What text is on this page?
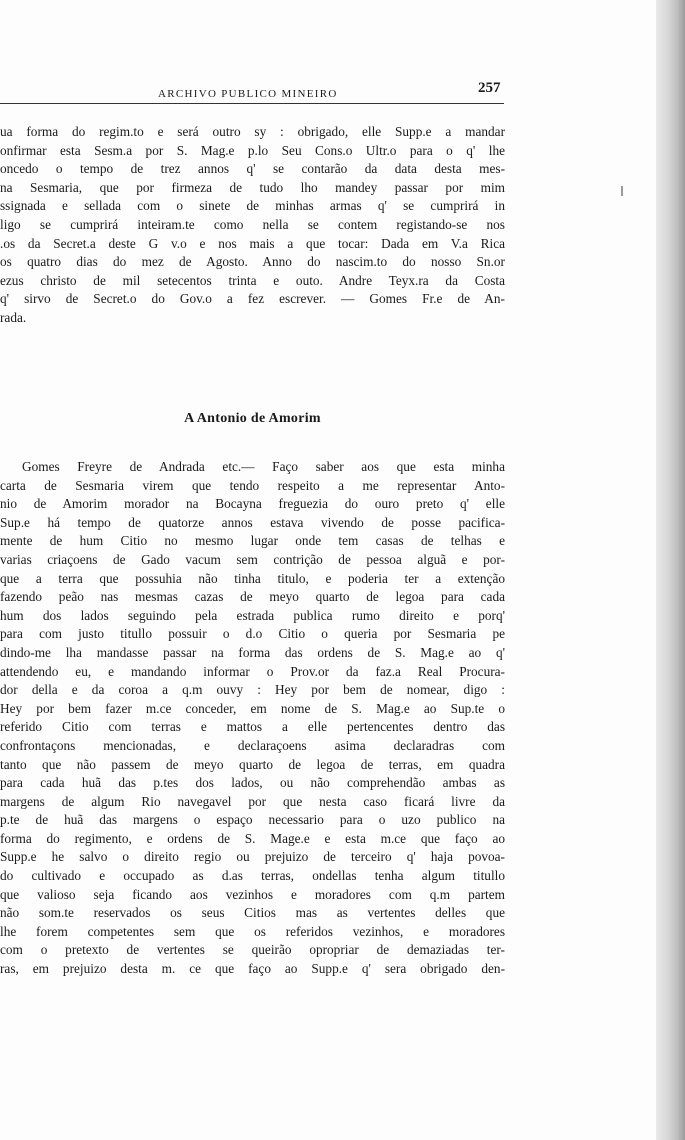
ARCHIVO PUBLICO MINEIRO	257
ua forma do regim.to e será outro sy : obrigado, elle Supp.e a mandar
onfirmar esta Sesm.a por S. Mag.e p.lo Seu Cons.o Ultr.o para o q' lhe
oncedo o tempo de trez annos q' se contarão da data desta mes-
na Sesmaria, que por firmeza de tudo lho mandey passar por mim
ssignada e sellada com o sinete de minhas armas q' se cumprirá in
ligo se cumprirá inteiram.te como nella se contem registando-se nos
.os da Secret.a deste G v.o e nos mais a que tocar: Dada em V.a Rica
os quatro dias do mez de Agosto. Anno do nascim.to do nosso Sn.or
ezus christo de mil setecentos trinta e outo. Andre Teyx.ra da Costa
q' sirvo de Secret.o do Gov.o a fez escrever. — Gomes Fr.e de An-
rada.
A Antonio de Amorim
Gomes Freyre de Andrada etc.— Faço saber aos que esta minha
carta de Sesmaria virem que tendo respeito a me representar Anto-
nio de Amorim morador na Bocayna freguezia do ouro preto q' elle
Sup.e há tempo de quatorze annos estava vivendo de posse pacifica-
mente de hum Citio no mesmo lugar onde tem casas de telhas e
varias criaçoens de Gado vacum sem contrição de pessoa alguã e por-
que a terra que possuhia não tinha titulo, e poderia ter a extenção
fazendo peão nas mesmas cazas de meyo quarto de legoa para cada
hum dos lados seguindo pela estrada publica rumo direito e porq'
para com justo titullo possuir o d.o Citio o queria por Sesmaria pe
dindo-me lha mandasse passar na forma das ordens de S. Mag.e ao q'
attendendo eu, e mandando informar o Prov.or da faz.a Real Procura-
dor della e da coroa a q.m ouvy : Hey por bem de nomear, digo :
Hey por bem fazer m.ce conceder, em nome de S. Mag.e ao Sup.te o
referido Citio com terras e mattos a elle pertencentes dentro das
confrontaçons mencionadas, e declaraçoens asima declaradras com
tanto que não passem de meyo quarto de legoa de terras, em quadra
para cada huã das p.tes dos lados, ou não comprehendão ambas as
margens de algum Rio navegavel por que nesta caso ficará livre da
p.te de huã das margens o espaço necessario para o uzo publico na
forma do regimento, e ordens de S. Mage.e e esta m.ce que faço ao
Supp.e he salvo o direito regio ou prejuizo de terceiro q' haja povoa-
do cultivado e occupado as d.as terras, ondellas tenha algum titullo
que valioso seja ficando aos vezinhos e moradores com q.m partem
não som.te reservados os seus Citios mas as vertentes delles que
lhe forem competentes sem que os referidos vezinhos, e moradores
com o pretexto de vertentes se queirão opropriar de demaziadas ter-
ras, em prejuizo desta m. ce que faço ao Supp.e q' sera obrigado den-
